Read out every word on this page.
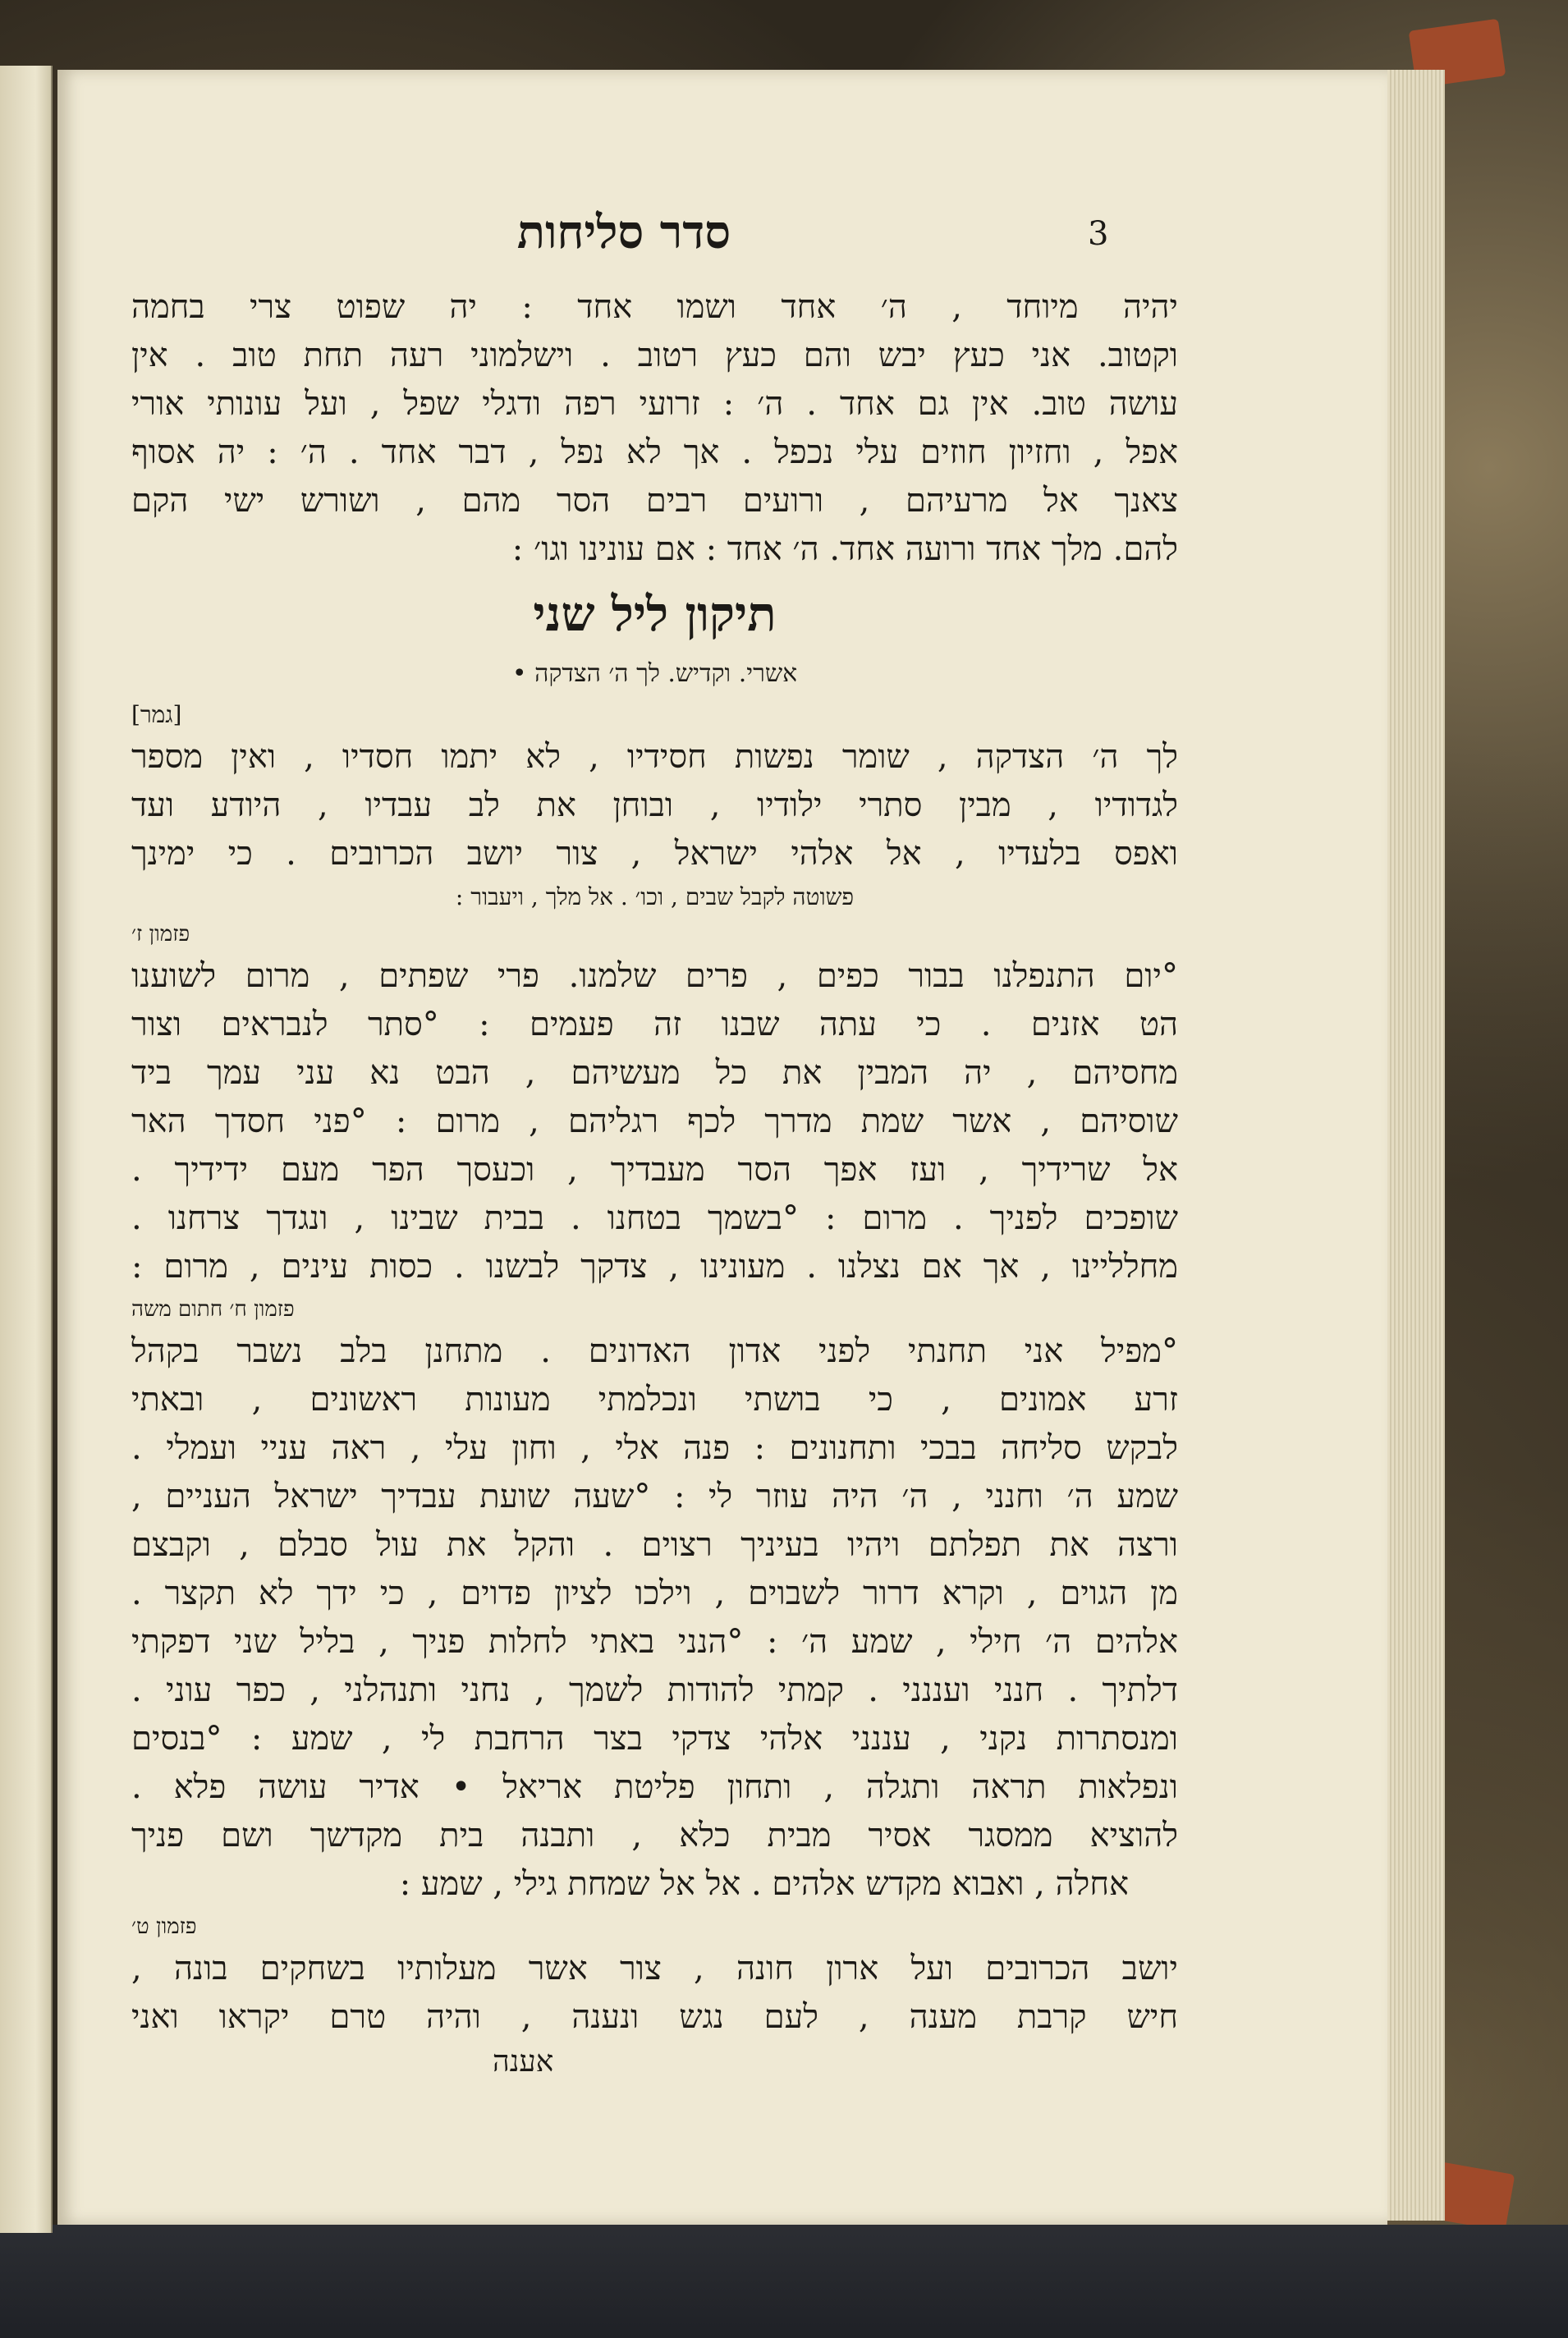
סדר סליחות	3

יהיה מיוחד , ה׳ אחד ושמו אחד : יה שפוט צרי בחמה

וקטוב. אני כעץ יבש והם כעץ רטוב . וישלמוני רעה תחת טוב . אין

עושה טוב. אין גם אחד . ה׳ : זרועי רפה ודגלי שפל , ועל עונותי אורי

אפל , וחזיון חוזים עלי נכפל . אך לא נפל , דבר אחד . ה׳ : יה אסוף

צאנך אל מרעיהם , ורועים רבים הסר מהם , ושורש ישי הקם

להם. מלך אחד ורועה אחד. ה׳ אחד : אם עונינו וגו׳ :

תיקון ליל שני

אשרי. וקדיש. לך ה׳ הצדקה •

[גמר]

לך ה׳ הצדקה , שומר נפשות חסידיו , לא יתמו חסדיו , ואין מספר

לגדודיו , מבין סתרי ילודיו , ובוחן את לב עבדיו , היודע ועד

ואפס בלעדיו , אל אלהי ישראל , צור יושב הכרובים . כי ימינך

פשוטה לקבל שבים , וכו׳ . אל מלך , ויעבור :

פזמון ז׳

°יום התנפלנו בבור כפים , פרים שלמנו. פרי שפתים , מרום לשוענו

הט אזנים . כי עתה שבנו זה פעמים : °סתר לנבראים וצור

מחסיהם , יה המבין את כל מעשיהם , הבט נא עני עמך ביד

שוסיהם , אשר שמת מדרך לכף רגליהם , מרום : °פני חסדך האר

אל שרידיך , ועז אפך הסר מעבדיך , וכעסך הפר מעם ידידיך .

שופכים לפניך . מרום : °בשמך בטחנו . בבית שבינו , ונגדך צרחנו .

מחלליינו , אך אם נצלנו . מעונינו , צדקך לבשנו . כסות עינים , מרום :

פזמון ח׳ חתום משה

°מפיל אני תחנתי לפני אדון האדונים . מתחנן בלב נשבר בקהל

זרע אמונים , כי בושתי ונכלמתי מעונות ראשונים , ובאתי

לבקש סליחה בבכי ותחנונים : פנה אלי , וחון עלי , ראה עניי ועמלי .

שמע ה׳ וחנני , ה׳ היה עוזר לי : °שעה שועת עבדיך ישראל העניים ,

ורצה את תפלתם ויהיו בעיניך רצוים . והקל את עול סבלם , וקבצם

מן הגוים , וקרא דרור לשבוים , וילכו לציון פדוים , כי ידך לא תקצר .

אלהים ה׳ חילי , שמע ה׳ : °הנני באתי לחלות פניך , בליל שני דפקתי

דלתיך . חנני ועננני . קמתי להודות לשמך , נחני ותנהלני , כפר עוני .

ומנסתרות נקני , עננני אלהי צדקי בצר הרחבת לי , שמע : °בנסים

ונפלאות תראה ותגלה , ותחון פליטת אריאל • אדיר עושה פלא .

להוציא ממסגר אסיר מבית כלא , ותבנה בית מקדשך ושם פניך

אחלה , ואבוא מקדש אלהים . אל אל שמחת גילי , שמע :

פזמון ט׳

יושב הכרובים ועל ארון חונה , צור אשר מעלותיו בשחקים בונה ,

חיש קרבת מענה , לעם נגש ונענה , והיה טרם יקראו ואני

אענה
